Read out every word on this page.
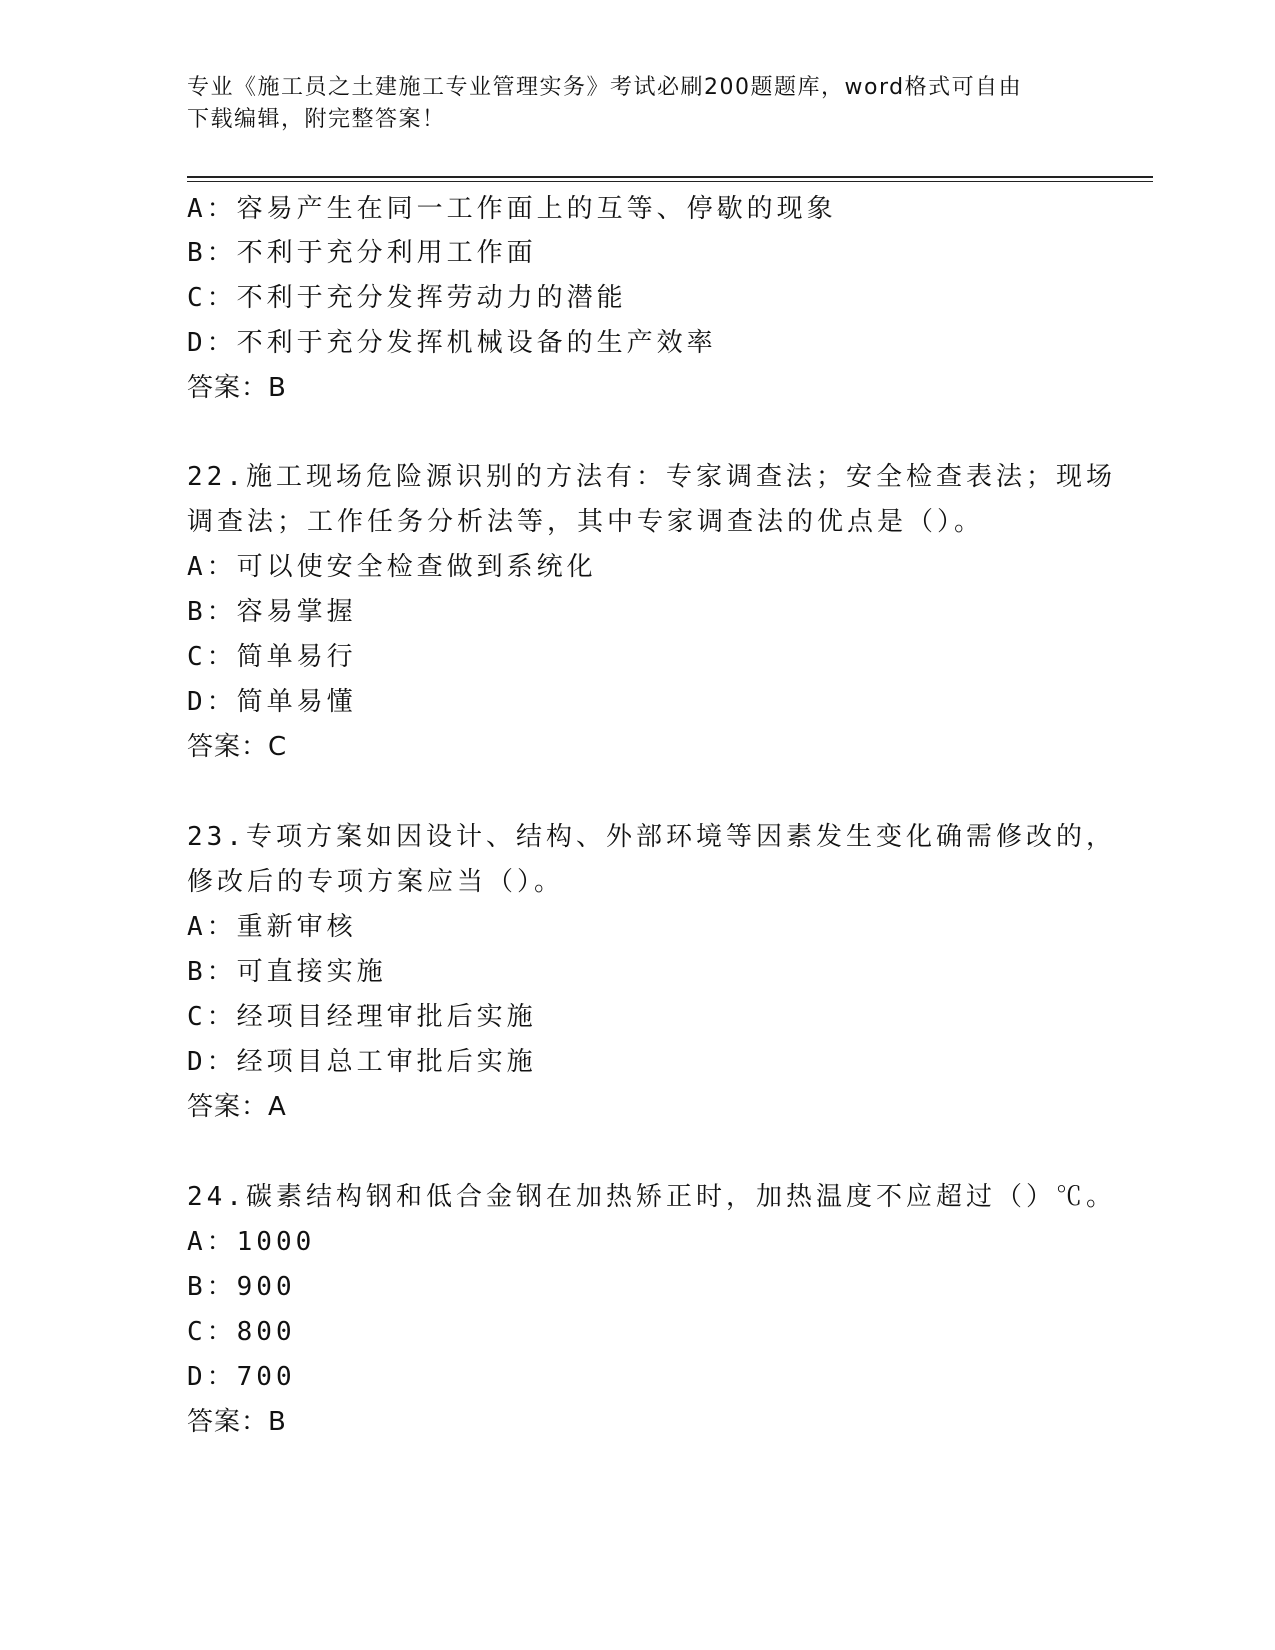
专业《施工员之土建施工专业管理实务》考试必刷200题题库，word格式可自由
下载编辑，附完整答案！
A：容易产生在同一工作面上的互等、停歇的现象
B：不利于充分利用工作面
C：不利于充分发挥劳动力的潜能
D：不利于充分发挥机械设备的生产效率
答案：B
22.施工现场危险源识别的方法有：专家调查法；安全检查表法；现场
调查法；工作任务分析法等，其中专家调查法的优点是（）。
A：可以使安全检查做到系统化
B：容易掌握
C：简单易行
D：简单易懂
答案：C
23.专项方案如因设计、结构、外部环境等因素发生变化确需修改的，
修改后的专项方案应当（）。
A：重新审核
B：可直接实施
C：经项目经理审批后实施
D：经项目总工审批后实施
答案：A
24.碳素结构钢和低合金钢在加热矫正时，加热温度不应超过（）℃。
A：1000
B：900
C：800
D：700
答案：B
